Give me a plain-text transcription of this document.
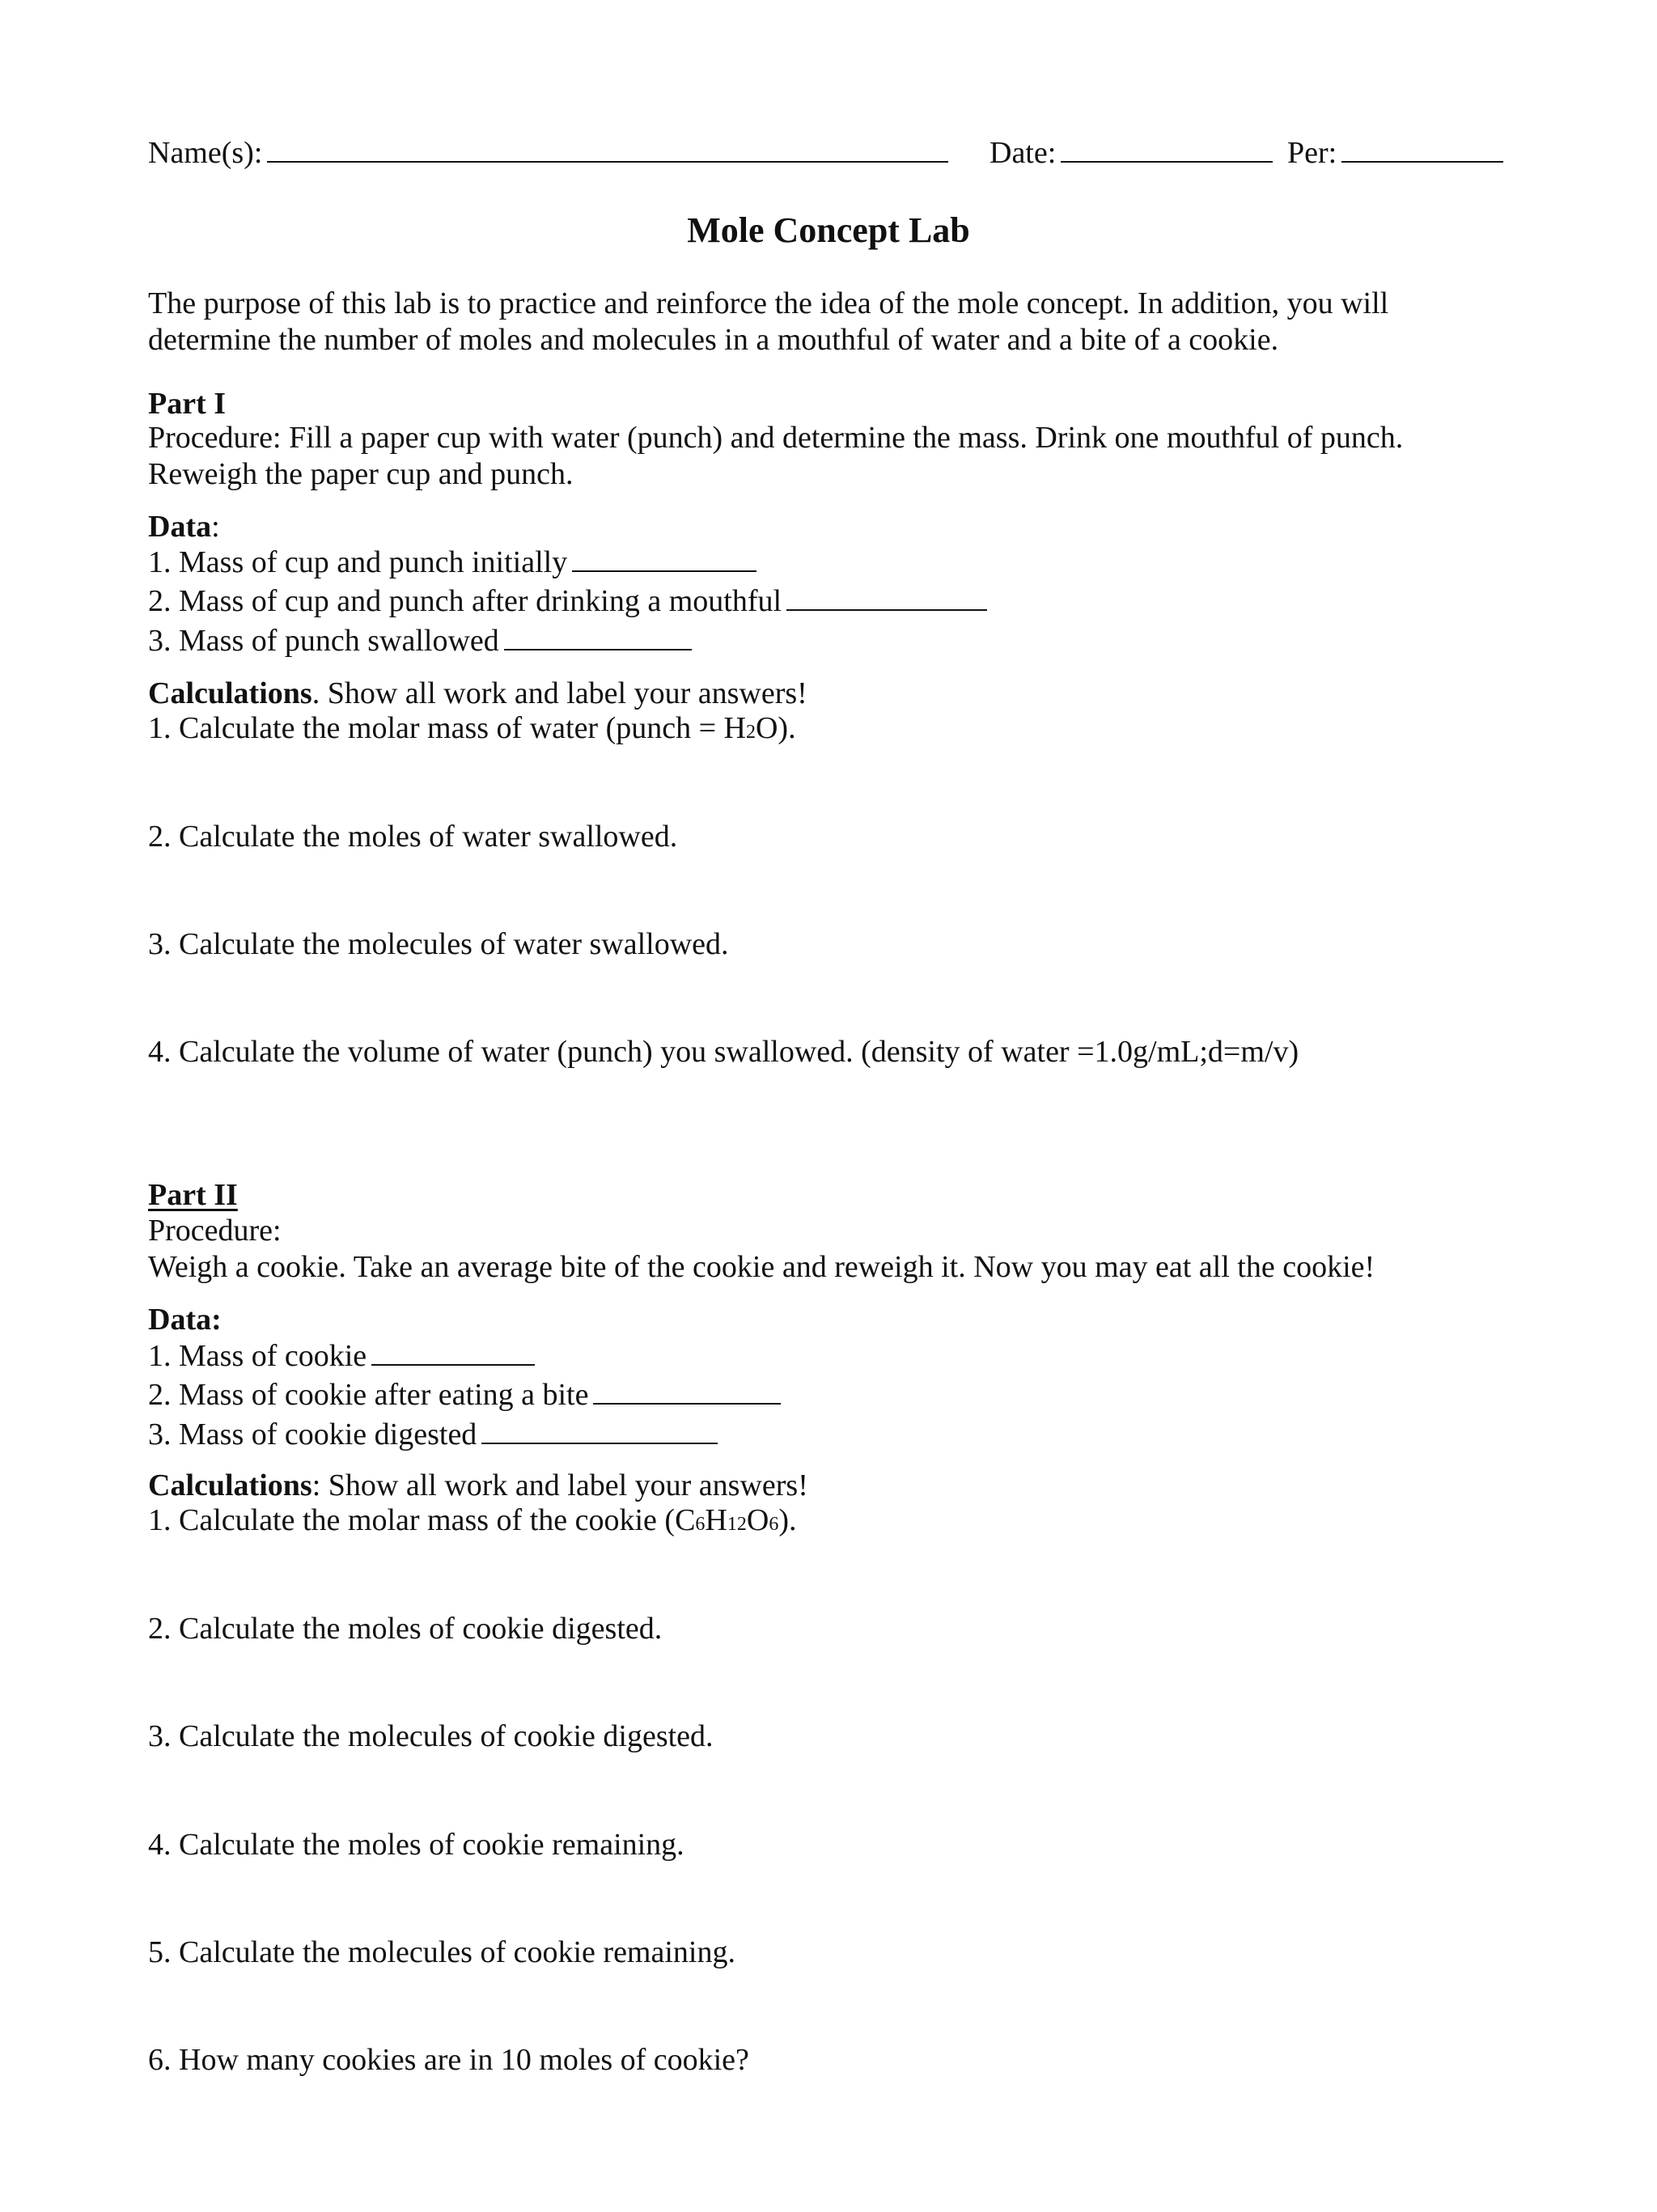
Name(s):	Date:	Per:
Mole Concept Lab
The purpose of this lab is to practice and reinforce the idea of the mole concept. In addition, you will
determine the number of moles and molecules in a mouthful of water and a bite of a cookie.
Part I
Procedure: Fill a paper cup with water (punch) and determine the mass. Drink one mouthful of punch.
Reweigh the paper cup and punch.
Data:
1. Mass of cup and punch initially
2. Mass of cup and punch after drinking a mouthful
3. Mass of punch swallowed
Calculations. Show all work and label your answers!
1. Calculate the molar mass of water (punch = H2O).
2. Calculate the moles of water swallowed.
3. Calculate the molecules of water swallowed.
4. Calculate the volume of water (punch) you swallowed. (density of water =1.0g/mL;d=m/v)
Part II
Procedure:
Weigh a cookie. Take an average bite of the cookie and reweigh it. Now you may eat all the cookie!
Data:
1. Mass of cookie
2. Mass of cookie after eating a bite
3. Mass of cookie digested
Calculations: Show all work and label your answers!
1. Calculate the molar mass of the cookie (C6H12O6).
2. Calculate the moles of cookie digested.
3. Calculate the molecules of cookie digested.
4. Calculate the moles of cookie remaining.
5. Calculate the molecules of cookie remaining.
6. How many cookies are in 10 moles of cookie?
